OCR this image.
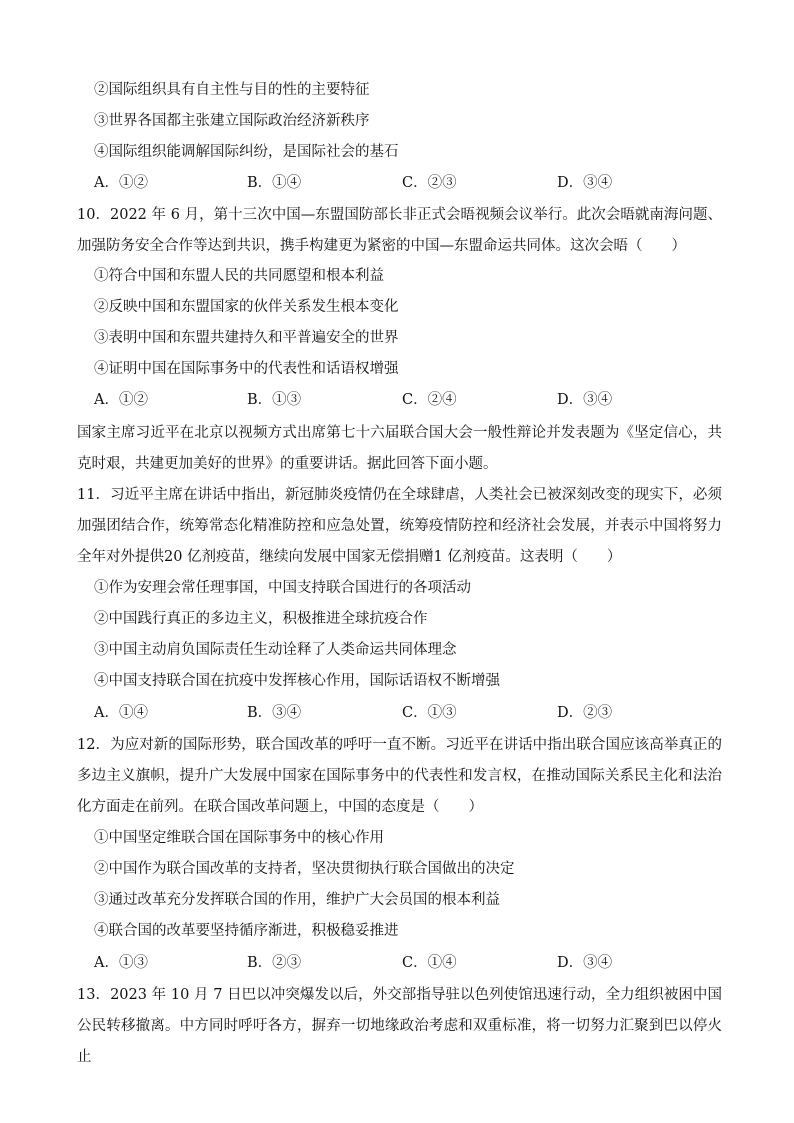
②国际组织具有自主性与目的性的主要特征
③世界各国都主张建立国际政治经济新秩序
④国际组织能调解国际纠纷，是国际社会的基石
A．①②	B．①④	C．②③	D．③④
10．2022 年 6 月，第十三次中国—东盟国防部长非正式会晤视频会议举行。此次会晤就南海问题、加强防务安全合作等达到共识，携手构建更为紧密的中国—东盟命运共同体。这次会晤（　　）
①符合中国和东盟人民的共同愿望和根本利益
②反映中国和东盟国家的伙伴关系发生根本变化
③表明中国和东盟共建持久和平普遍安全的世界
④证明中国在国际事务中的代表性和话语权增强
A．①②	B．①③	C．②④	D．③④
国家主席习近平在北京以视频方式出席第七十六届联合国大会一般性辩论并发表题为《坚定信心，共克时艰，共建更加美好的世界》的重要讲话。据此回答下面小题。
11．习近平主席在讲话中指出，新冠肺炎疫情仍在全球肆虐，人类社会已被深刻改变的现实下，必须加强团结合作，统筹常态化精准防控和应急处置，统筹疫情防控和经济社会发展，并表示中国将努力全年对外提供20 亿剂疫苗，继续向发展中国家无偿捐赠1 亿剂疫苗。这表明（　　）
①作为安理会常任理事国，中国支持联合国进行的各项活动
②中国践行真正的多边主义，积极推进全球抗疫合作
③中国主动肩负国际责任生动诠释了人类命运共同体理念
④中国支持联合国在抗疫中发挥核心作用，国际话语权不断增强
A．①④	B．③④	C．①③	D．②③
12．为应对新的国际形势，联合国改革的呼吁一直不断。习近平在讲话中指出联合国应该高举真正的多边主义旗帜，提升广大发展中国家在国际事务中的代表性和发言权，在推动国际关系民主化和法治化方面走在前列。在联合国改革问题上，中国的态度是（　　）
①中国坚定维联合国在国际事务中的核心作用
②中国作为联合国改革的支持者，坚决贯彻执行联合国做出的决定
③通过改革充分发挥联合国的作用，维护广大会员国的根本利益
④联合国的改革要坚持循序渐进，积极稳妥推进
A．①③	B．②③	C．①④	D．③④
13．2023 年 10 月 7 日巴以冲突爆发以后，外交部指导驻以色列使馆迅速行动，全力组织被困中国公民转移撤离。中方同时呼吁各方，摒弃一切地缘政治考虑和双重标准，将一切努力汇聚到巴以停火止
